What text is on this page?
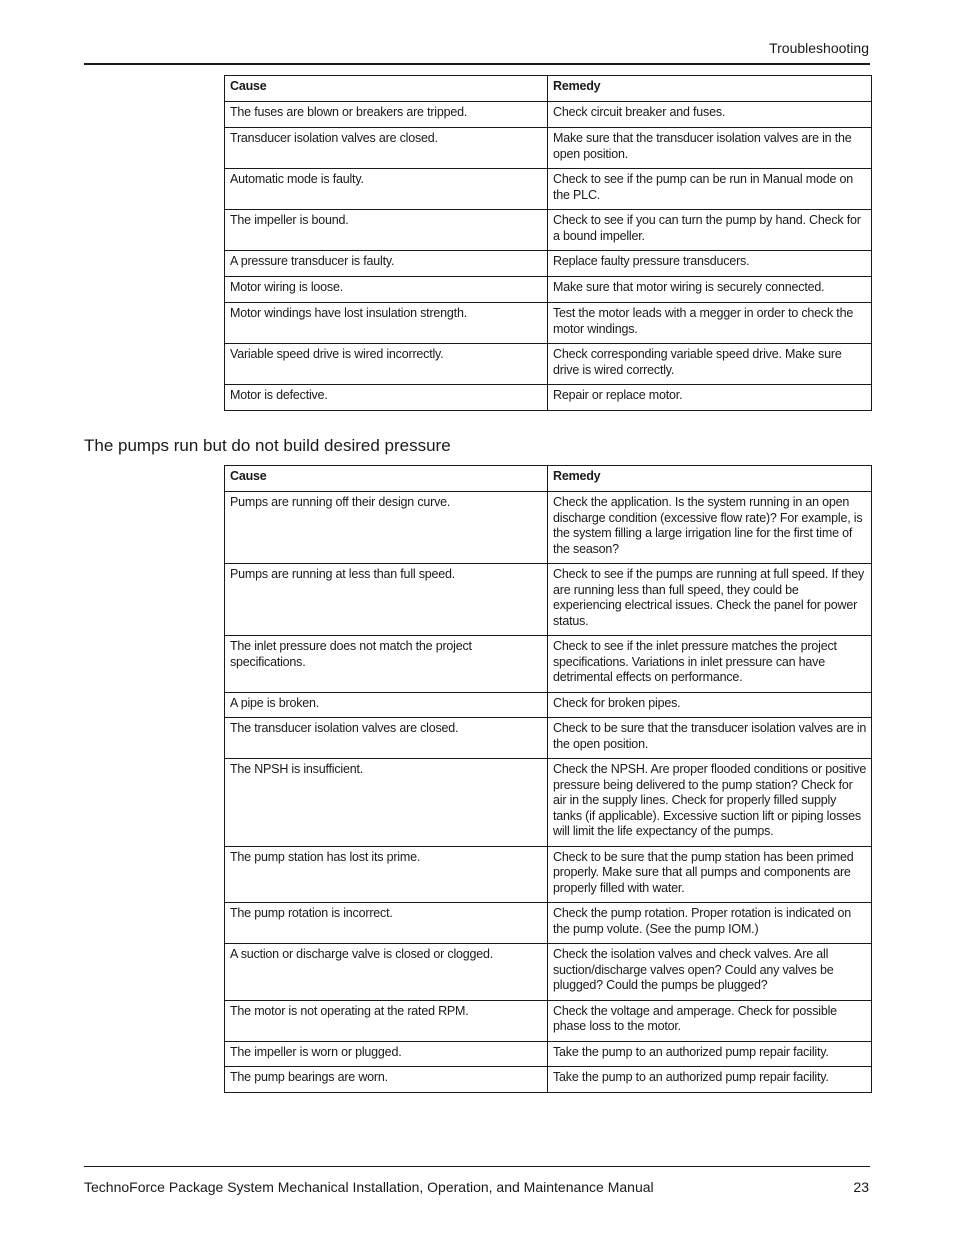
Troubleshooting
Cause	Remedy
The fuses are blown or breakers are tripped.	Check circuit breaker and fuses.
Transducer isolation valves are closed.	Make sure that the transducer isolation valves are in the open position.
Automatic mode is faulty.	Check to see if the pump can be run in Manual mode on the PLC.
The impeller is bound.	Check to see if you can turn the pump by hand. Check for a bound impeller.
A pressure transducer is faulty.	Replace faulty pressure transducers.
Motor wiring is loose.	Make sure that motor wiring is securely connected.
Motor windings have lost insulation strength.	Test the motor leads with a megger in order to check the motor windings.
Variable speed drive is wired incorrectly.	Check corresponding variable speed drive. Make sure drive is wired correctly.
Motor is defective.	Repair or replace motor.
The pumps run but do not build desired pressure
Cause	Remedy
Pumps are running off their design curve.	Check the application. Is the system running in an open discharge condition (excessive flow rate)? For example, is the system filling a large irrigation line for the first time of the season?
Pumps are running at less than full speed.	Check to see if the pumps are running at full speed. If they are running less than full speed, they could be experiencing electrical issues. Check the panel for power status.
The inlet pressure does not match the project specifications.	Check to see if the inlet pressure matches the project specifications. Variations in inlet pressure can have detrimental effects on performance.
A pipe is broken.	Check for broken pipes.
The transducer isolation valves are closed.	Check to be sure that the transducer isolation valves are in the open position.
The NPSH is insufficient.	Check the NPSH. Are proper flooded conditions or positive pressure being delivered to the pump station? Check for air in the supply lines. Check for properly filled supply tanks (if applicable). Excessive suction lift or piping losses will limit the life expectancy of the pumps.
The pump station has lost its prime.	Check to be sure that the pump station has been primed properly. Make sure that all pumps and components are properly filled with water.
The pump rotation is incorrect.	Check the pump rotation. Proper rotation is indicated on the pump volute. (See the pump IOM.)
A suction or discharge valve is closed or clogged.	Check the isolation valves and check valves. Are all suction/discharge valves open? Could any valves be plugged? Could the pumps be plugged?
The motor is not operating at the rated RPM.	Check the voltage and amperage. Check for possible phase loss to the motor.
The impeller is worn or plugged.	Take the pump to an authorized pump repair facility.
The pump bearings are worn.	Take the pump to an authorized pump repair facility.
TechnoForce Package System Mechanical Installation, Operation, and Maintenance Manual	23
